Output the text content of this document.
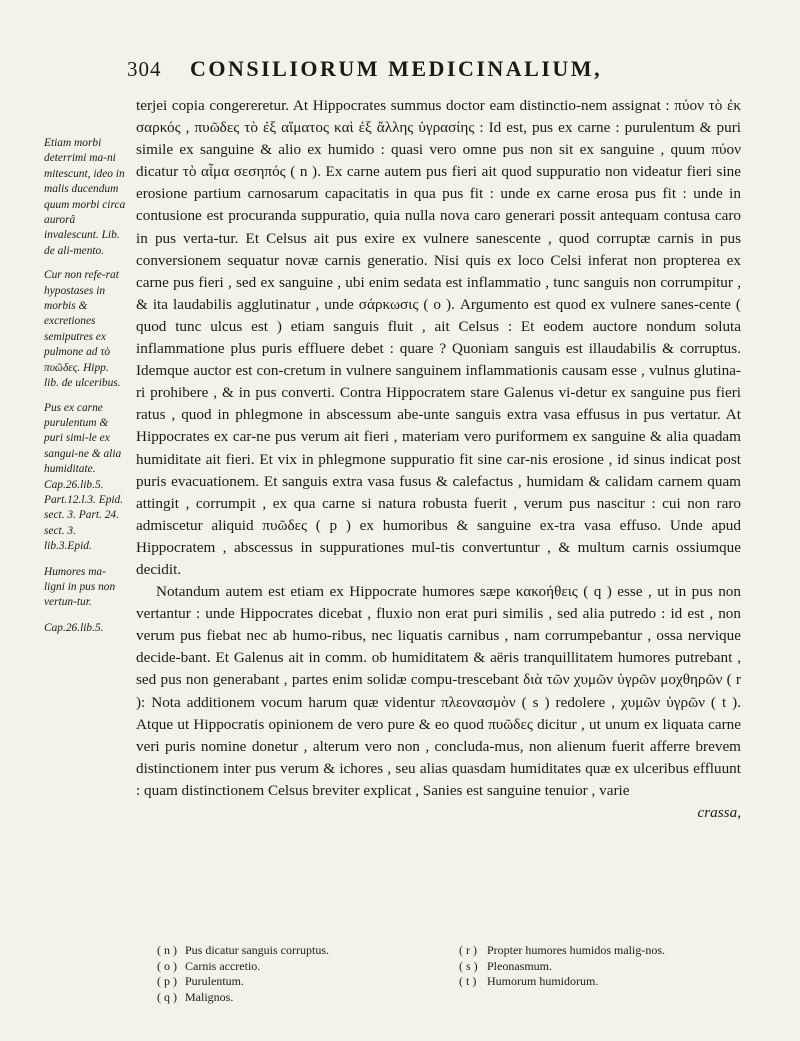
304 CONSILIORUM MEDICINALIUM,

Etiam morbi deterrimi ma-ni mitescunt, ideo in malis ducendum quum morbi circa aurorâ invalescunt. Lib. de ali-mento.

Cur non refe-rat hypostases in morbis & excretiones semiputres ex pulmone ad τὸ πυῶδες. Hipp. lib. de ulceribus.

Pus ex carne purulentum & puri simi-le ex sangui-ne & alia humiditate. Cap.26.lib.5. Part.12.l.3. Epid. sect. 3. Part. 24. sect. 3. lib.3.Epid.

Humores ma-ligni in pus non vertun-tur.

Cap.26.lib.5.

terjei copia congereretur. At Hippocrates summus doctor eam distinctio-nem assignat : πύον τὸ ἐκ σαρκός , πυῶδες τὸ ἐξ αἵματος καὶ ἐξ ἄλλης ὑγρασίης : Id est, pus ex carne : purulentum & puri simile ex sanguine & alio ex humido : quasi vero omne pus non sit ex sanguine , quum πύον dicatur τὸ αἷμα σεσηπός ( n ). Ex carne autem pus fieri ait quod suppuratio non videatur fieri sine erosione partium carnosarum capacitatis in qua pus fit : unde ex carne erosa pus fit : unde in contusione est procuranda suppuratio, quia nulla nova caro generari possit antequam contusa caro in pus verta-tur. Et Celsus ait pus exire ex vulnere sanescente , quod corruptæ carnis in pus conversionem sequatur novæ carnis generatio. Nisi quis ex loco Celsi inferat non propterea ex carne pus fieri , sed ex sanguine , ubi enim sedata est inflammatio , tunc sanguis non corrumpitur , & ita laudabilis agglutinatur , unde σάρκωσις ( o ). Argumento est quod ex vulnere sanes-cente ( quod tunc ulcus est ) etiam sanguis fluit , ait Celsus : Et eodem auctore nondum soluta inflammatione plus puris effluere debet : quare ? Quoniam sanguis est illaudabilis & corruptus. Idemque auctor est con-cretum in vulnere sanguinem inflammationis causam esse , vulnus glutina-ri prohibere , & in pus converti. Contra Hippocratem stare Galenus vi-detur ex sanguine pus fieri ratus , quod in phlegmone in abscessum abe-unte sanguis extra vasa effusus in pus vertatur. At Hippocrates ex car-ne pus verum ait fieri , materiam vero puriformem ex sanguine & alia quadam humiditate ait fieri. Et vix in phlegmone suppuratio fit sine car-nis erosione , id sinus indicat post puris evacuationem. Et sanguis extra vasa fusus & calefactus , humidam & calidam carnem quam attingit , corrumpit , ex qua carne si natura robusta fuerit , verum pus nascitur : cui non raro admiscetur aliquid πυῶδες ( p ) ex humoribus & sanguine ex-tra vasa effuso. Unde apud Hippocratem , abscessus in suppurationes mul-tis convertuntur , & multum carnis ossiumque decidit.

Notandum autem est etiam ex Hippocrate humores sæpe κακοήθεις ( q ) esse , ut in pus non vertantur : unde Hippocrates dicebat , fluxio non erat puri similis , sed alia putredo : id est , non verum pus fiebat nec ab humo-ribus, nec liquatis carnibus , nam corrumpebantur , ossa nervique decide-bant. Et Galenus ait in comm. ob humiditatem & aëris tranquillitatem humores putrebant , sed pus non generabant , partes enim solidæ compu-trescebant διὰ τῶν χυμῶν ὑγρῶν μοχθηρῶν ( r ): Nota additionem vocum harum quæ videntur πλεονασμὸν ( s ) redolere , χυμῶν ὑγρῶν ( t ). Atque ut Hippocratis opinionem de vero pure & eo quod πυῶδες dicitur , ut unum ex liquata carne veri puris nomine donetur , alterum vero non , concluda-mus, non alienum fuerit afferre brevem distinctionem inter pus verum & ichores , seu alias quasdam humiditates quæ ex ulceribus effluunt : quam distinctionem Celsus breviter explicat , Sanies est sanguine tenuior , varie

crassa,

( n ) Pus dicatur sanguis corruptus.
( o ) Carnis accretio.
( p ) Purulentum.
( q ) Malignos.
( r ) Propter humores humidos malig-nos.
( s ) Pleonasmum.
( t ) Humorum humidorum.
